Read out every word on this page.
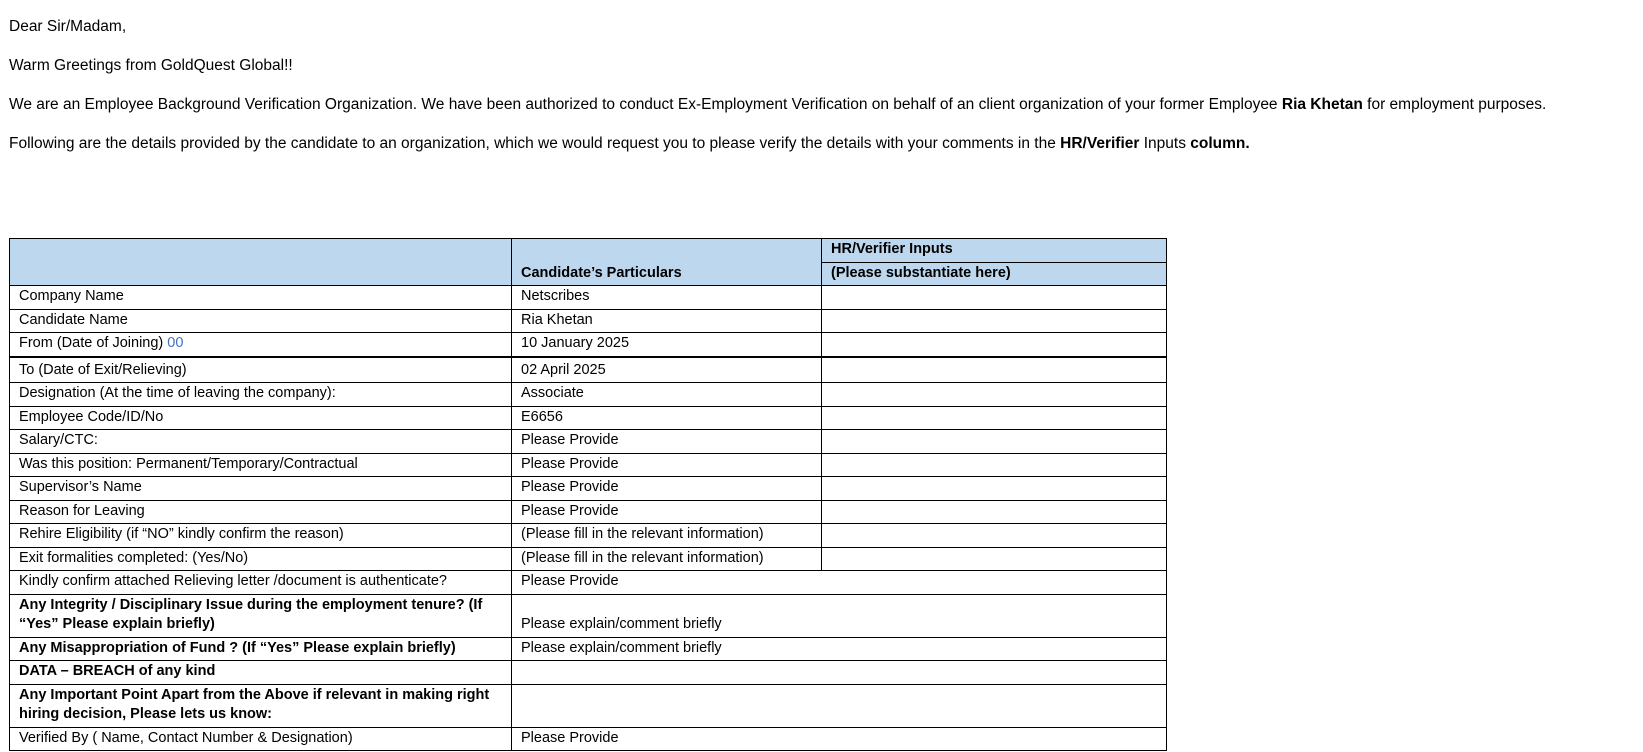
Dear Sir/Madam,

Warm Greetings from GoldQuest Global!!

We are an Employee Background Verification Organization. We have been authorized to conduct Ex-Employment Verification on behalf of an client organization of your former Employee Ria Khetan for employment purposes.

Following are the details provided by the candidate to an organization, which we would request you to please verify the details with your comments in the HR/Verifier Inputs column.

	Candidate’s Particulars	HR/Verifier Inputs
		(Please substantiate here)
Company Name	Netscribes	
Candidate Name	Ria Khetan	
From (Date of Joining) 00	10 January 2025	
To (Date of Exit/Relieving)	02 April 2025	
Designation (At the time of leaving the company):	Associate	
Employee Code/ID/No	E6656	
Salary/CTC:	Please Provide	
Was this position: Permanent/Temporary/Contractual	Please Provide	
Supervisor’s Name	Please Provide	
Reason for Leaving	Please Provide	
Rehire Eligibility (if “NO” kindly confirm the reason)	(Please fill in the relevant information)	
Exit formalities completed: (Yes/No)	(Please fill in the relevant information)	
Kindly confirm attached Relieving letter /document is authenticate?	Please Provide	
Any Integrity / Disciplinary Issue during the employment tenure? (If “Yes” Please explain briefly)	Please explain/comment briefly	
Any Misappropriation of Fund ? (If “Yes” Please explain briefly)	Please explain/comment briefly	
DATA – BREACH of any kind		
Any Important Point Apart from the Above if relevant in making right hiring decision, Please lets us know:		
Verified By ( Name, Contact Number & Designation)	Please Provide	
